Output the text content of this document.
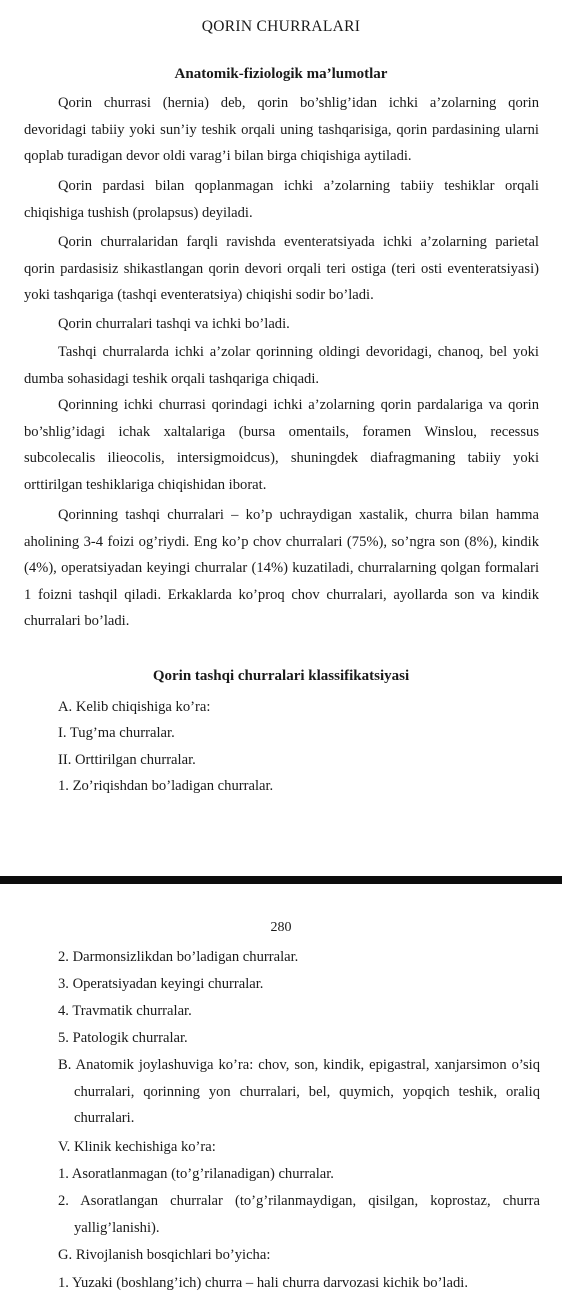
QORIN CHURRALARI
Anatomik-fiziologik ma’lumotlar
Qorin churrasi (hernia) deb, qorin bo’shlig’idan ichki a’zolarning qorin devoridagi tabiiy yoki sun’iy teshik orqali uning tashqarisiga, qorin pardasining ularni qoplab turadigan devor oldi varag’i bilan birga chiqishiga aytiladi.
Qorin pardasi bilan qoplanmagan ichki a’zolarning tabiiy teshiklar orqali chiqishiga tushish (prolapsus) deyiladi.
Qorin churralaridan farqli ravishda eventeratsiyada ichki a’zolarning parietal qorin pardasisiz shikastlangan qorin devori orqali teri ostiga (teri osti eventeratsiyasi) yoki tashqariga (tashqi eventeratsiya) chiqishi sodir bo’ladi.
Qorin churralari tashqi va ichki bo’ladi.
Tashqi churralarda ichki a’zolar qorinning oldingi devoridagi, chanoq, bel yoki dumba sohasidagi teshik orqali tashqariga chiqadi.
Qorinning ichki churrasi qorindagi ichki a’zolarning qorin pardalariga va qorin bo’shlig’idagi ichak xaltalariga (bursa omentails, foramen Winslou, recessus subcolecalis ilieocolis, intersigmoidcus), shuningdek diafragmaning tabiiy yoki orttirilgan teshiklariga chiqishidan iborat.
Qorinning tashqi churralari – ko’p uchraydigan xastalik, churra bilan hamma aholining 3-4 foizi og’riydi. Eng ko’p chov churralari (75%), so’ngra son (8%), kindik (4%), operatsiyadan keyingi churralar (14%) kuzatiladi, churralarning qolgan formalari 1 foizni tashqil qiladi. Erkaklarda ko’proq chov churralari, ayollarda son va kindik churralari bo’ladi.
Qorin tashqi churralari klassifikatsiyasi
A. Kelib chiqishiga ko’ra:
I. Tug’ma churralar.
II. Orttirilgan churralar.
1. Zo’riqishdan bo’ladigan churralar.
280
2. Darmonsizlikdan bo’ladigan churralar.
3. Operatsiyadan keyingi churralar.
4. Travmatik churralar.
5. Patologik churralar.
B. Anatomik joylashuviga ko’ra: chov, son, kindik, epigastral, xanjarsimon o’siq churralari, qorinning yon churralari, bel, quymich, yopqich teshik, oraliq churralari.
V. Klinik kechishiga ko’ra:
1. Asoratlanmagan (to’g’rilanadigan) churralar.
2. Asoratlangan churralar (to’g’rilanmaydigan, qisilgan, koprostaz, churra yallig’lanishi).
G. Rivojlanish bosqichlari bo’yicha:
1. Yuzaki (boshlang’ich) churra – hali churra darvozasi kichik bo’ladi.
